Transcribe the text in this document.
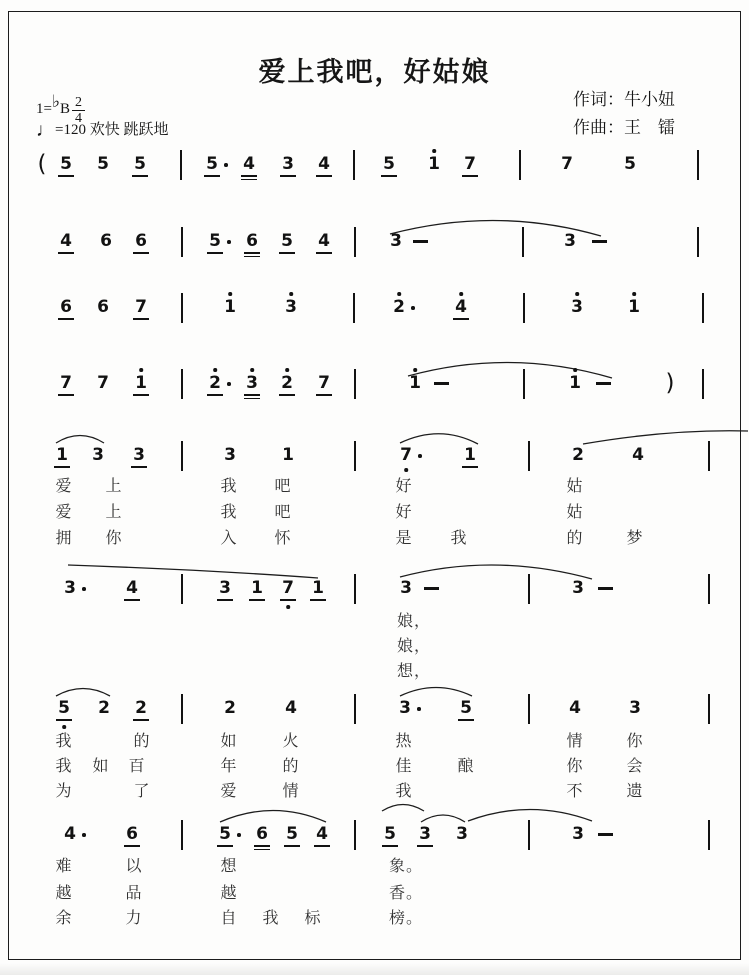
爱上我吧，好姑娘
作词：牛小妞
作曲：王　镭
1=♭B $\frac{2}{4}$
♩=120 欢快 跳跃地
( 5 5 5	5 4 3 4	5 1 7	7	5
4 6 6	5 6 5 4	3	3
6 6 7	1	3	2	4	3	1
7 7 1	2 3 2 7	1	1	)
1 3 3	3	1	7	1	2	4
爱 上	我 吧	好	姑
爱 上	我 吧	好	姑
拥 你	入 怀	是 我	的	梦
3	4	3 1 7 1	3	3
娘，
娘，
想，
5 2 2	2	4	3	5	4	3
我	的	如	火	热	情	你
我 如 百	年	的	佳	酿	你	会
为	了	爱	情	我	不	遗
4	6	5 6 5 4	5 3 3	3
难	以	想	象。
越	品	越	香。
余	力	自 我 标	榜。
